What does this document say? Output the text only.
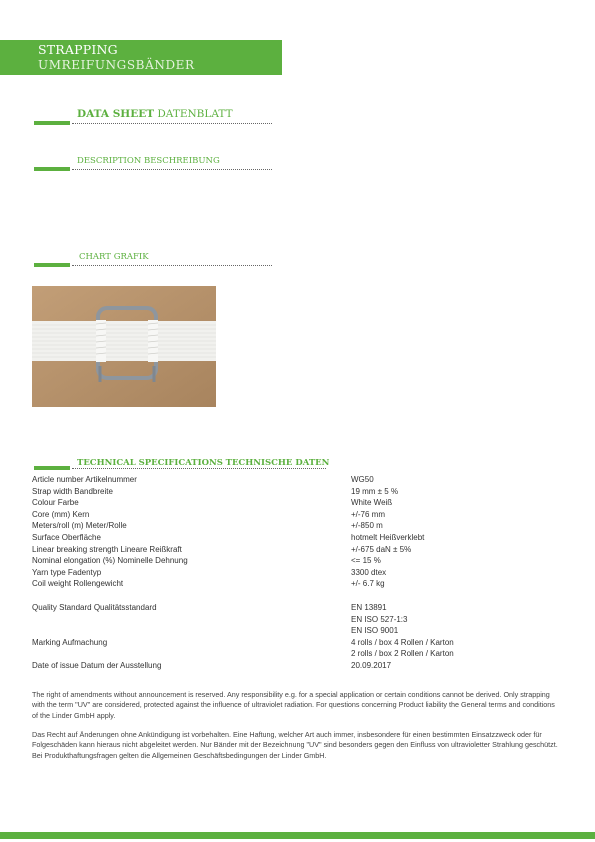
STRAPPING
UMREIFUNGSBÄNDER
DATA SHEET DATENBLATT
DESCRIPTION BESCHREIBUNG
CHART GRAFIK
TECHNICAL SPECIFICATIONS TECHNISCHE DATEN
Article number Artikelnummer	WG50
Strap width Bandbreite	19 mm ± 5 %
Colour Farbe	White Weiß
Core (mm) Kern	+/-76 mm
Meters/roll (m) Meter/Rolle	+/-850 m
Surface Oberfläche	hotmelt Heißverklebt
Linear breaking strength Lineare Reißkraft	+/-675 daN ± 5%
Nominal elongation (%) Nominelle Dehnung	<= 15 %
Yarn type Fadentyp	3300 dtex
Coil weight Rollengewicht	+/- 6.7 kg
Quality Standard Qualitätsstandard	EN 13891
EN ISO 527-1:3
EN ISO 9001
Marking Aufmachung	4 rolls / box 4 Rollen / Karton
2 rolls / box 2 Rollen / Karton
Date of issue Datum der Ausstellung	20.09.2017
The right of amendments without announcement is reserved. Any responsibility e.g. for a special application or certain conditions cannot be derived. Only strapping with the term "UV" are considered, protected against the influence of ultraviolet radiation. For questions concerning Product liability the General terms and conditions of the Linder GmbH apply.
Das Recht auf Änderungen ohne Ankündigung ist vorbehalten. Eine Haftung, welcher Art auch immer, insbesondere für einen bestimmten Einsatzzweck oder für Folgeschäden kann hieraus nicht abgeleitet werden. Nur Bänder mit der Bezeichnung "UV" sind besonders gegen den Einfluss von ultravioletter Strahlung geschützt. Bei Produkthaftungsfragen gelten die Allgemeinen Geschäftsbedingungen der Linder GmbH.
